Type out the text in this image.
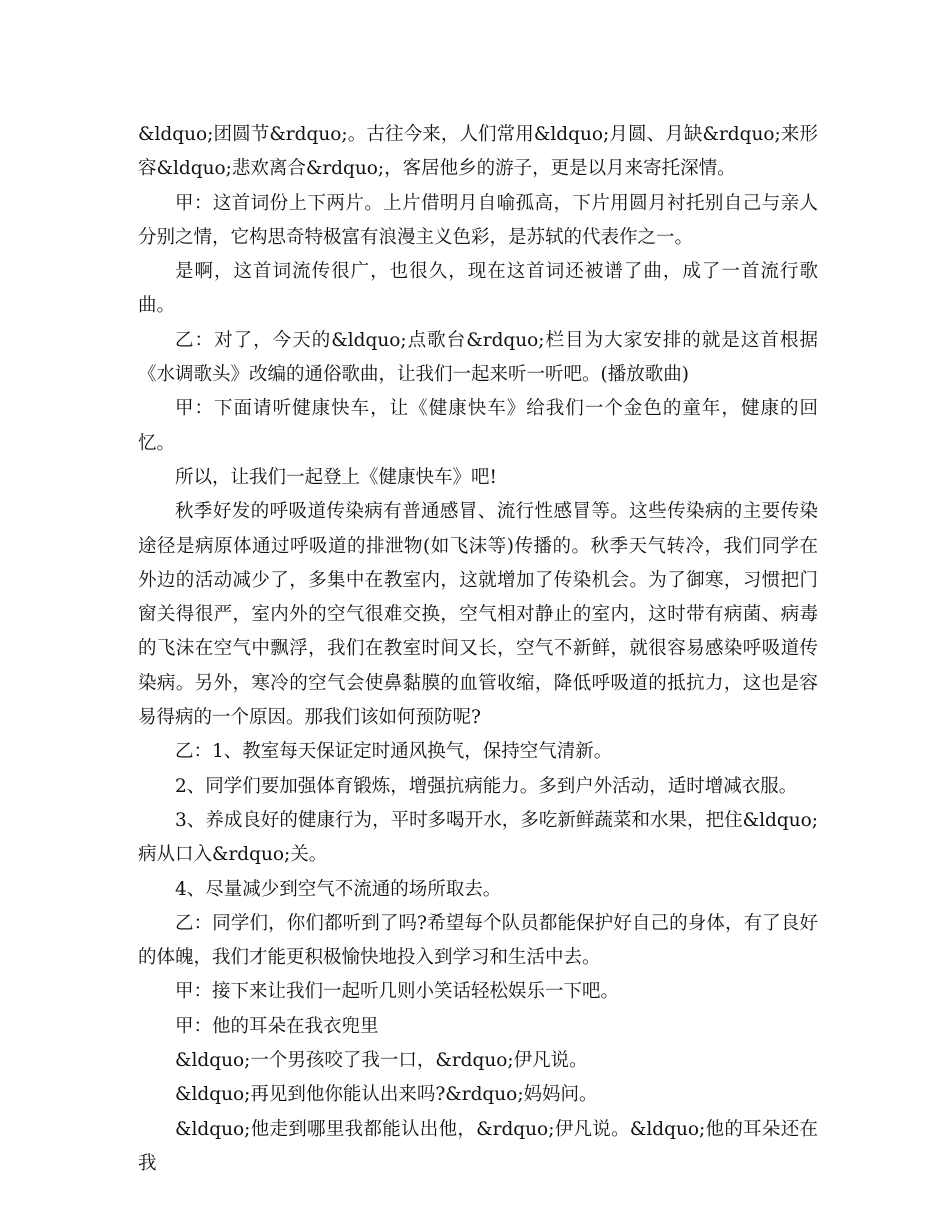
&ldquo;团圆节&rdquo;。古往今来，人们常用&ldquo;月圆、月缺&rdquo;来形容&ldquo;悲欢离合&rdquo;，客居他乡的游子，更是以月来寄托深情。

甲：这首词份上下两片。上片借明月自喻孤高，下片用圆月衬托别自己与亲人分别之情，它构思奇特极富有浪漫主义色彩，是苏轼的代表作之一。

是啊，这首词流传很广，也很久，现在这首词还被谱了曲，成了一首流行歌曲。

乙：对了，今天的&ldquo;点歌台&rdquo;栏目为大家安排的就是这首根据《水调歌头》改编的通俗歌曲，让我们一起来听一听吧。(播放歌曲)

甲：下面请听健康快车，让《健康快车》给我们一个金色的童年，健康的回忆。

所以，让我们一起登上《健康快车》吧!

秋季好发的呼吸道传染病有普通感冒、流行性感冒等。这些传染病的主要传染途径是病原体通过呼吸道的排泄物(如飞沫等)传播的。秋季天气转冷，我们同学在外边的活动减少了，多集中在教室内，这就增加了传染机会。为了御寒，习惯把门窗关得很严，室内外的空气很难交换，空气相对静止的室内，这时带有病菌、病毒的飞沫在空气中飘浮，我们在教室时间又长，空气不新鲜，就很容易感染呼吸道传染病。另外，寒冷的空气会使鼻黏膜的血管收缩，降低呼吸道的抵抗力，这也是容易得病的一个原因。那我们该如何预防呢?

乙：1、教室每天保证定时通风换气，保持空气清新。

2、同学们要加强体育锻炼，增强抗病能力。多到户外活动，适时增减衣服。

3、养成良好的健康行为，平时多喝开水，多吃新鲜蔬菜和水果，把住&ldquo;病从口入&rdquo;关。

4、尽量减少到空气不流通的场所取去。

乙：同学们，你们都听到了吗?希望每个队员都能保护好自己的身体，有了良好的体魄，我们才能更积极愉快地投入到学习和生活中去。

甲：接下来让我们一起听几则小笑话轻松娱乐一下吧。

甲：他的耳朵在我衣兜里

&ldquo;一个男孩咬了我一口，&rdquo;伊凡说。

&ldquo;再见到他你能认出来吗?&rdquo;妈妈问。

&ldquo;他走到哪里我都能认出他，&rdquo;伊凡说。&ldquo;他的耳朵还在我
